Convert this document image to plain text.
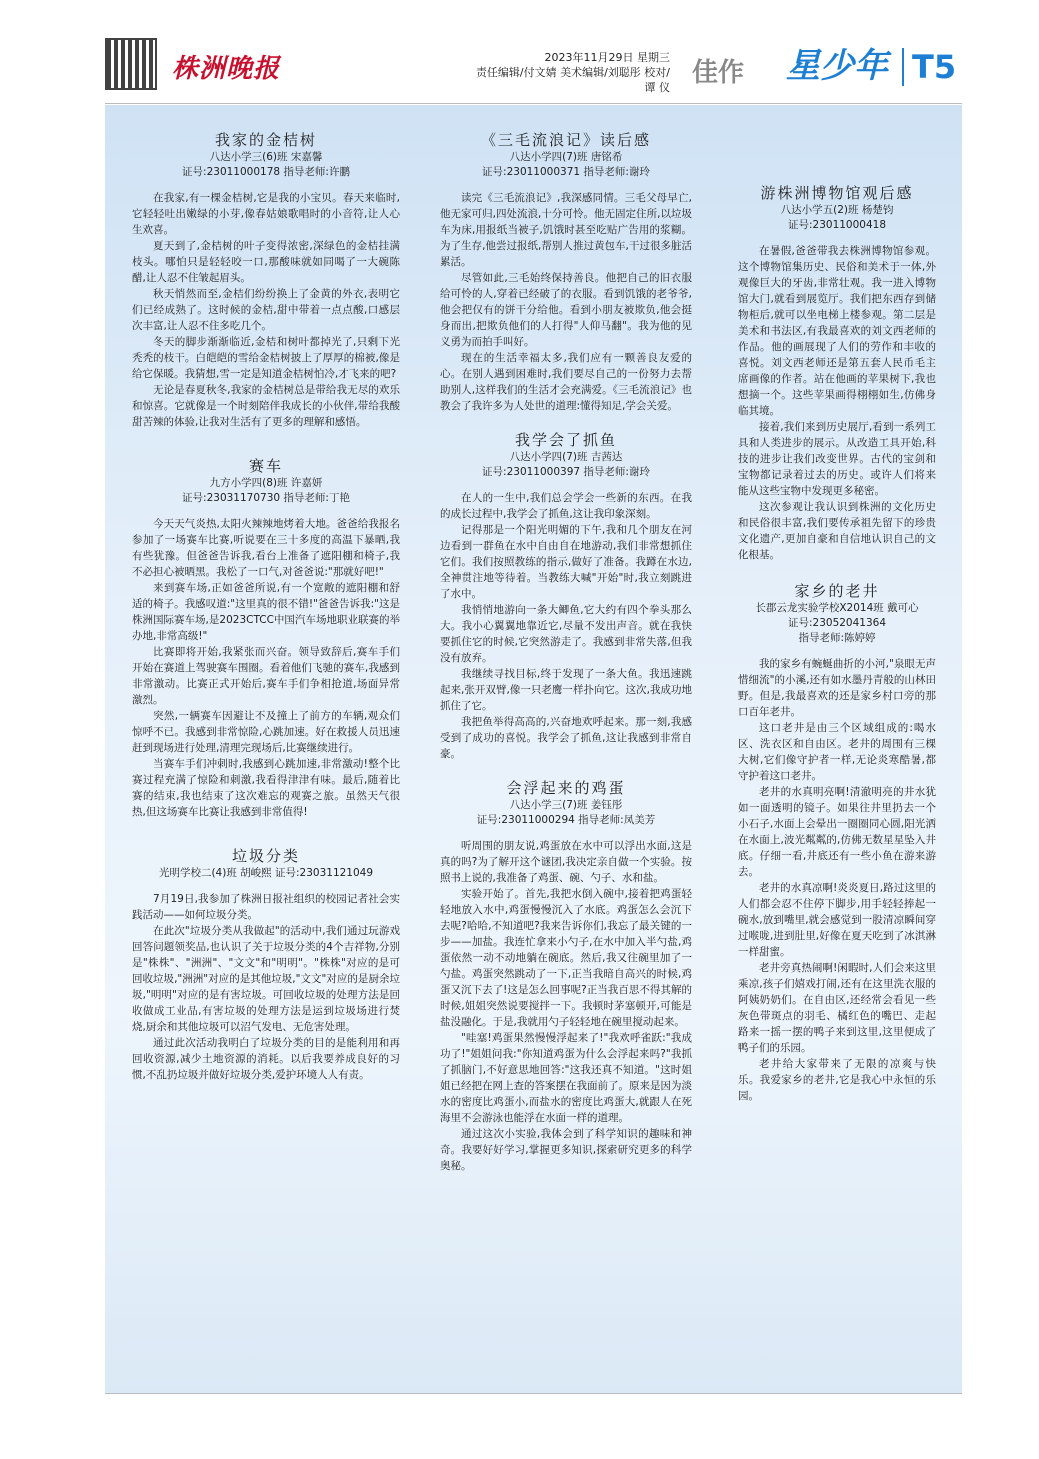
株洲晚报	2023年11月29日 星期三
责任编辑/付文婧 美术编辑/刘聪彤 校对/谭 仪 佳作 星少年 T5
我家的金桔树
八达小学三(6)班 宋嘉馨
证号:23011000178 指导老师:许鹏

在我家,有一棵金桔树,它是我的小宝贝。春天来临时,它轻轻吐出嫩绿的小芽,像春姑娘歌唱时的小音符,让人心生欢喜。

夏天到了,金桔树的叶子变得浓密,深绿色的金桔挂满枝头。哪怕只是轻轻咬一口,那酸味就如同喝了一大碗陈醋,让人忍不住皱起眉头。

秋天悄然而至,金桔们纷纷换上了金黄的外衣,表明它们已经成熟了。这时候的金桔,甜中带着一点点酸,口感层次丰富,让人忍不住多吃几个。

冬天的脚步渐渐临近,金桔和树叶都掉光了,只剩下光秃秃的枝干。白皑皑的雪给金桔树披上了厚厚的棉被,像是给它保暖。我猜想,雪一定是知道金桔树怕冷,才飞来的吧?

无论是春夏秋冬,我家的金桔树总是带给我无尽的欢乐和惊喜。它就像是一个时刻陪伴我成长的小伙伴,带给我酸甜苦辣的体验,让我对生活有了更多的理解和感悟。

赛车
九方小学四(8)班 许嘉妍
证号:23031170730 指导老师:丁艳

今天天气炎热,太阳火辣辣地烤着大地。爸爸给我报名参加了一场赛车比赛,听说要在三十多度的高温下暴晒,我有些犹豫。但爸爸告诉我,看台上准备了遮阳棚和椅子,我不必担心被晒黑。我松了一口气,对爸爸说:"那就好吧!"

来到赛车场,正如爸爸所说,有一个宽敞的遮阳棚和舒适的椅子。我感叹道:"这里真的很不错!"爸爸告诉我:"这是株洲国际赛车场,是2023CTCC中国汽车场地职业联赛的举办地,非常高级!"

比赛即将开始,我紧张而兴奋。领导致辞后,赛车手们开始在赛道上驾驶赛车围圈。看着他们飞驰的赛车,我感到非常激动。比赛正式开始后,赛车手们争相抢道,场面异常激烈。

突然,一辆赛车因避让不及撞上了前方的车辆,观众们惊呼不已。我感到非常惊险,心跳加速。好在救援人员迅速赶到现场进行处理,清理完现场后,比赛继续进行。

当赛车手们冲刺时,我感到心跳加速,非常激动!整个比赛过程充满了惊险和刺激,我看得津津有味。最后,随着比赛的结束,我也结束了这次难忘的观赛之旅。虽然天气很热,但这场赛车比赛让我感到非常值得!

垃圾分类
光明学校二(4)班 胡峻熙 证号:23031121049

7月19日,我参加了株洲日报社组织的校园记者社会实践活动——如何垃圾分类。

在此次"垃圾分类从我做起"的活动中,我们通过玩游戏回答问题领奖品,也认识了关于垃圾分类的4个吉祥物,分别是"株株"、"洲洲"、"文文"和"明明"。"株株"对应的是可回收垃圾,"洲洲"对应的是其他垃圾,"文文"对应的是厨余垃圾,"明明"对应的是有害垃圾。可回收垃圾的处理方法是回收做成工业品,有害垃圾的处理方法是运到垃圾场进行焚烧,厨余和其他垃圾可以沼气发电、无危害处理。

通过此次活动我明白了垃圾分类的目的是能利用和再回收资源,减少土地资源的消耗。以后我要养成良好的习惯,不乱扔垃圾并做好垃圾分类,爱护环境人人有责。

《三毛流浪记》读后感
八达小学四(7)班 唐铭希
证号:23011000371 指导老师:谢玲

读完《三毛流浪记》,我深感同情。三毛父母早亡,他无家可归,四处流浪,十分可怜。他无固定住所,以垃圾车为床,用报纸当被子,饥饿时甚至吃贴广告用的浆糊。为了生存,他尝过报纸,帮别人推过黄包车,干过很多脏活累活。

尽管如此,三毛始终保持善良。他把自己的旧衣服给可怜的人,穿着已经破了的衣服。看到饥饿的老爷爷,他会把仅有的饼干分给他。看到小朋友被欺负,他会挺身而出,把欺负他们的人打得"人仰马翻"。我为他的见义勇为而拍手叫好。

现在的生活幸福太多,我们应有一颗善良友爱的心。在别人遇到困难时,我们要尽自己的一份努力去帮助别人,这样我们的生活才会充满爱。《三毛流浪记》也教会了我许多为人处世的道理:懂得知足,学会关爱。

我学会了抓鱼
八达小学四(7)班 吉茜达
证号:23011000397 指导老师:谢玲

在人的一生中,我们总会学会一些新的东西。在我的成长过程中,我学会了抓鱼,这让我印象深刻。

记得那是一个阳光明媚的下午,我和几个朋友在河边看到一群鱼在水中自由自在地游动,我们非常想抓住它们。我们按照教练的指示,做好了准备。我蹲在水边,全神贯注地等待着。当教练大喊"开始"时,我立刻跳进了水中。

我悄悄地游向一条大鲫鱼,它大约有四个拳头那么大。我小心翼翼地靠近它,尽量不发出声音。就在我快要抓住它的时候,它突然游走了。我感到非常失落,但我没有放弃。

我继续寻找目标,终于发现了一条大鱼。我迅速跳起来,张开双臂,像一只老鹰一样扑向它。这次,我成功地抓住了它。

我把鱼举得高高的,兴奋地欢呼起来。那一刻,我感受到了成功的喜悦。我学会了抓鱼,这让我感到非常自豪。

会浮起来的鸡蛋
八达小学三(7)班 姜钰彤
证号:23011000294 指导老师:凤美芳

听周围的朋友说,鸡蛋放在水中可以浮出水面,这是真的吗?为了解开这个谜团,我决定亲自做一个实验。按照书上说的,我准备了鸡蛋、碗、勺子、水和盐。

实验开始了。首先,我把水倒入碗中,接着把鸡蛋轻轻地放入水中,鸡蛋慢慢沉入了水底。鸡蛋怎么会沉下去呢?哈哈,不知道吧?我来告诉你们,我忘了最关键的一步——加盐。我连忙拿来小勺子,在水中加入半勺盐,鸡蛋依然一动不动地躺在碗底。然后,我又往碗里加了一勺盐。鸡蛋突然跳动了一下,正当我暗自高兴的时候,鸡蛋又沉下去了!这是怎么回事呢?正当我百思不得其解的时候,姐姐突然说要搅拌一下。我顿时茅塞顿开,可能是盐没融化。于是,我就用勺子轻轻地在碗里搅动起来。

"哇塞!鸡蛋果然慢慢浮起来了!"我欢呼雀跃:"我成功了!"姐姐问我:"你知道鸡蛋为什么会浮起来吗?"我抓了抓脑门,不好意思地回答:"这我还真不知道。"这时姐姐已经把在网上查的答案摆在我面前了。原来是因为淡水的密度比鸡蛋小,而盐水的密度比鸡蛋大,就跟人在死海里不会游泳也能浮在水面一样的道理。

通过这次小实验,我体会到了科学知识的趣味和神奇。我要好好学习,掌握更多知识,探索研究更多的科学奥秘。

游株洲博物馆观后感
八达小学五(2)班 杨楚钧
证号:23011000418

在暑假,爸爸带我去株洲博物馆参观。这个博物馆集历史、民俗和美术于一体,外观像巨大的牙齿,非常壮观。我一进入博物馆大门,就看到展览厅。我们把东西存到储物柜后,就可以坐电梯上楼参观。第二层是美术和书法区,有我最喜欢的刘文西老师的作品。他的画展现了人们的劳作和丰收的喜悦。刘文西老师还是第五套人民币毛主席画像的作者。站在他画的苹果树下,我也想摘一个。这些苹果画得栩栩如生,仿佛身临其境。

接着,我们来到历史展厅,看到一系列工具和人类进步的展示。从改造工具开始,科技的进步让我们改变世界。古代的宝剑和宝物都记录着过去的历史。或许人们将来能从这些宝物中发现更多秘密。

这次参观让我认识到株洲的文化历史和民俗很丰富,我们要传承祖先留下的珍贵文化遗产,更加自豪和自信地认识自己的文化根基。

家乡的老井
长郡云龙实验学校X2014班 戴可心
证号:23052041364
指导老师:陈婷婷

我的家乡有蜿蜒曲折的小河,"泉眼无声惜细流"的小溪,还有如水墨丹青般的山林田野。但是,我最喜欢的还是家乡村口旁的那口百年老井。

这口老井是由三个区域组成的:喝水区、洗衣区和自由区。老井的周围有三棵大树,它们像守护者一样,无论炎寒酷暑,都守护着这口老井。

老井的水真明亮啊!清澈明亮的井水犹如一面透明的镜子。如果往井里扔去一个小石子,水面上会晕出一圈圈同心圆,阳光洒在水面上,波光粼粼的,仿佛无数星星坠入井底。仔细一看,井底还有一些小鱼在游来游去。

老井的水真凉啊!炎炎夏日,路过这里的人们都会忍不住停下脚步,用手轻轻捧起一碗水,放到嘴里,就会感觉到一股清凉瞬间穿过喉咙,进到肚里,好像在夏天吃到了冰淇淋一样甜蜜。

老井旁真热闹啊!闲暇时,人们会来这里乘凉,孩子们嬉戏打闹,还有在这里洗衣服的阿姨奶奶们。在自由区,还经常会看见一些灰色带斑点的羽毛、橘红色的嘴巴、走起路来一摇一摆的鸭子来到这里,这里便成了鸭子们的乐园。

老井给大家带来了无限的凉爽与快乐。我爱家乡的老井,它是我心中永恒的乐园。
